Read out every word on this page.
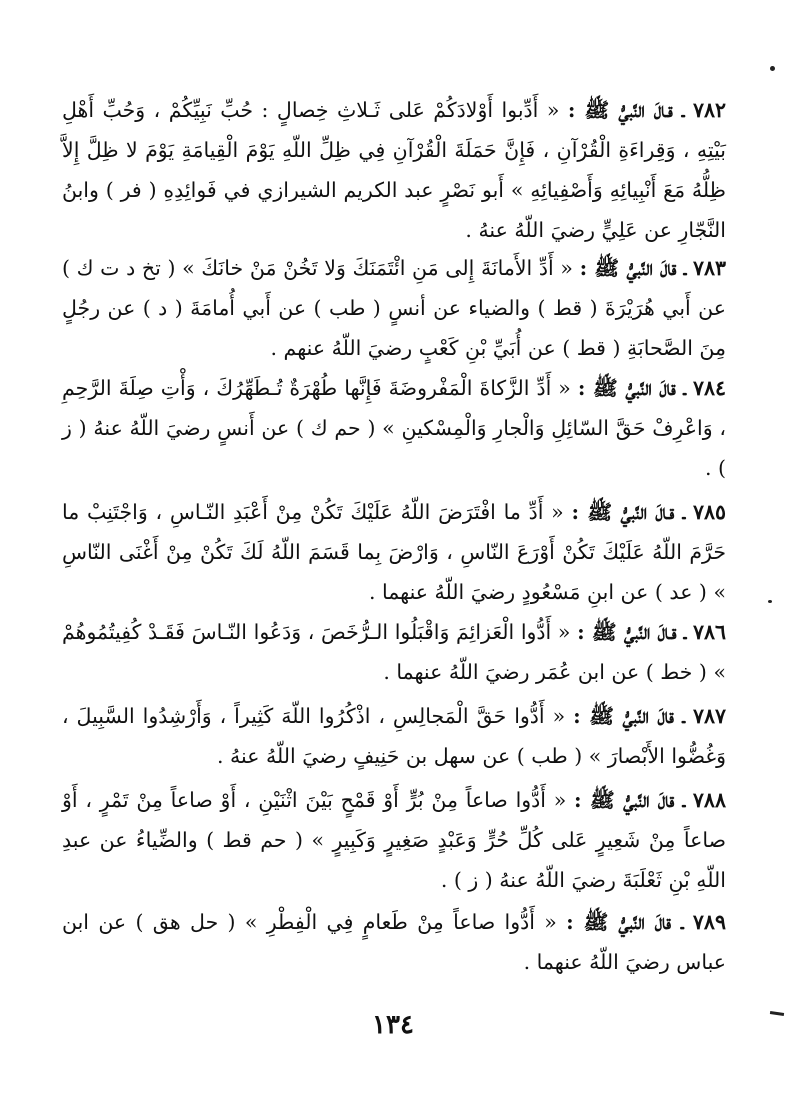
٧٨٢ ـ قـالَ النَّبيُّ ﷺ : « أَدِّبوا أَوْلادَكُمْ عَلى ثَـلاثِ خِصالٍ : حُبِّ نَبِيِّكُمْ ، وَحُبِّ أَهْلِ بَيْتِهِ ، وَقِراءَةِ الْقُرْآنِ ، فَإِنَّ حَمَلَةَ الْقُرْآنِ فِي ظِلِّ اللّهِ يَوْمَ الْقِيامَةِ يَوْمَ لا ظِلَّ إِلاَّ ظِلُّهُ مَعَ أَنْبِيائِهِ وَأَصْفِيائِهِ » أَبو نَصْرٍ عبد الكريم الشيرازي في فَوائِدِهِ ( فر ) وابنُ النَّجّارِ عن عَلِيٍّ رضيَ اللّهُ عنهُ .

٧٨٣ ـ قالَ النَّبيُّ ﷺ : « أَدِّ الأَمانَةَ إِلى مَنِ ائْتَمَنَكَ وَلا تَخُنْ مَنْ خانَكَ » ( تخ د ت ك ) عن أَبي هُرَيْرَةَ ( قط ) والضياء عن أنسٍ ( طب ) عن أَبي أُمامَةَ ( د ) عن رجُلٍ مِنَ الصَّحابَةِ ( قط ) عن أُبَيِّ بْنِ كَعْبٍ رضيَ اللّهُ عنهم .

٧٨٤ ـ قالَ النَّبيُّ ﷺ : « أَدِّ الزَّكاةَ الْمَفْروضَةَ فَإِنَّها طُهْرَةٌ تُـطَهِّرُكَ ، وَأْتِ صِلَةَ الرَّحِمِ ، وَاعْرِفْ حَقَّ السّائِلِ وَالْجارِ وَالْمِسْكينِ » ( حم ك ) عن أَنسٍ رضيَ اللّهُ عنهُ ( ز ) .

٧٨٥ ـ قـالَ النَّبيُّ ﷺ : « أَدِّ ما افْتَرَضَ اللّهُ عَلَيْكَ تَكُنْ مِنْ أَعْبَدِ النّـاسِ ، وَاجْتَنِبْ ما حَرَّمَ اللّهُ عَلَيْكَ تَكُنْ أَوْرَعَ النّاسِ ، وَارْضَ بِما قَسَمَ اللّهُ لَكَ تَكُنْ مِنْ أَغْنَى النّاسِ » ( عد ) عن ابنِ مَسْعُودٍ رضيَ اللّهُ عنهما .

٧٨٦ ـ قـالَ النَّبيُّ ﷺ : « أَدُّوا الْعَزائِمَ وَاقْبَلُوا الـرُّخَصَ ، وَدَعُوا النّـاسَ فَقَـدْ كُفِيتُمُوهُمْ » ( خط ) عن ابن عُمَر رضيَ اللّهُ عنهما .

٧٨٧ ـ قالَ النَّبيُّ ﷺ : « أَدُّوا حَقَّ الْمَجالِسِ ، اذْكُرُوا اللّهَ كَثِيراً ، وَأَرْشِدُوا السَّبِيلَ ، وَغُضُّوا الأَبْصارَ » ( طب ) عن سهل بن حَنِيفٍ رضيَ اللّهُ عنهُ .

٧٨٨ ـ قالَ النَّبيُّ ﷺ : « أَدُّوا صاعاً مِنْ بُرٍّ أَوْ قَمْحٍ بَيْنَ اثْنَيْنِ ، أَوْ صاعاً مِنْ تَمْرٍ ، أَوْ صاعاً مِنْ شَعِيرٍ عَلى كُلِّ حُرٍّ وَعَبْدٍ صَغِيرٍ وَكَبِيرٍ » ( حم قط ) والضِّياءُ عن عبدِ اللّهِ بْنِ ثَعْلَبَةَ رضيَ اللّهُ عنهُ ( ز ) .

٧٨٩ ـ قالَ النَّبيُّ ﷺ : « أَدُّوا صاعاً مِنْ طَعامٍ فِي الْفِطْرِ » ( حل هق ) عن ابن عباس رضيَ اللّهُ عنهما .

١٣٤
